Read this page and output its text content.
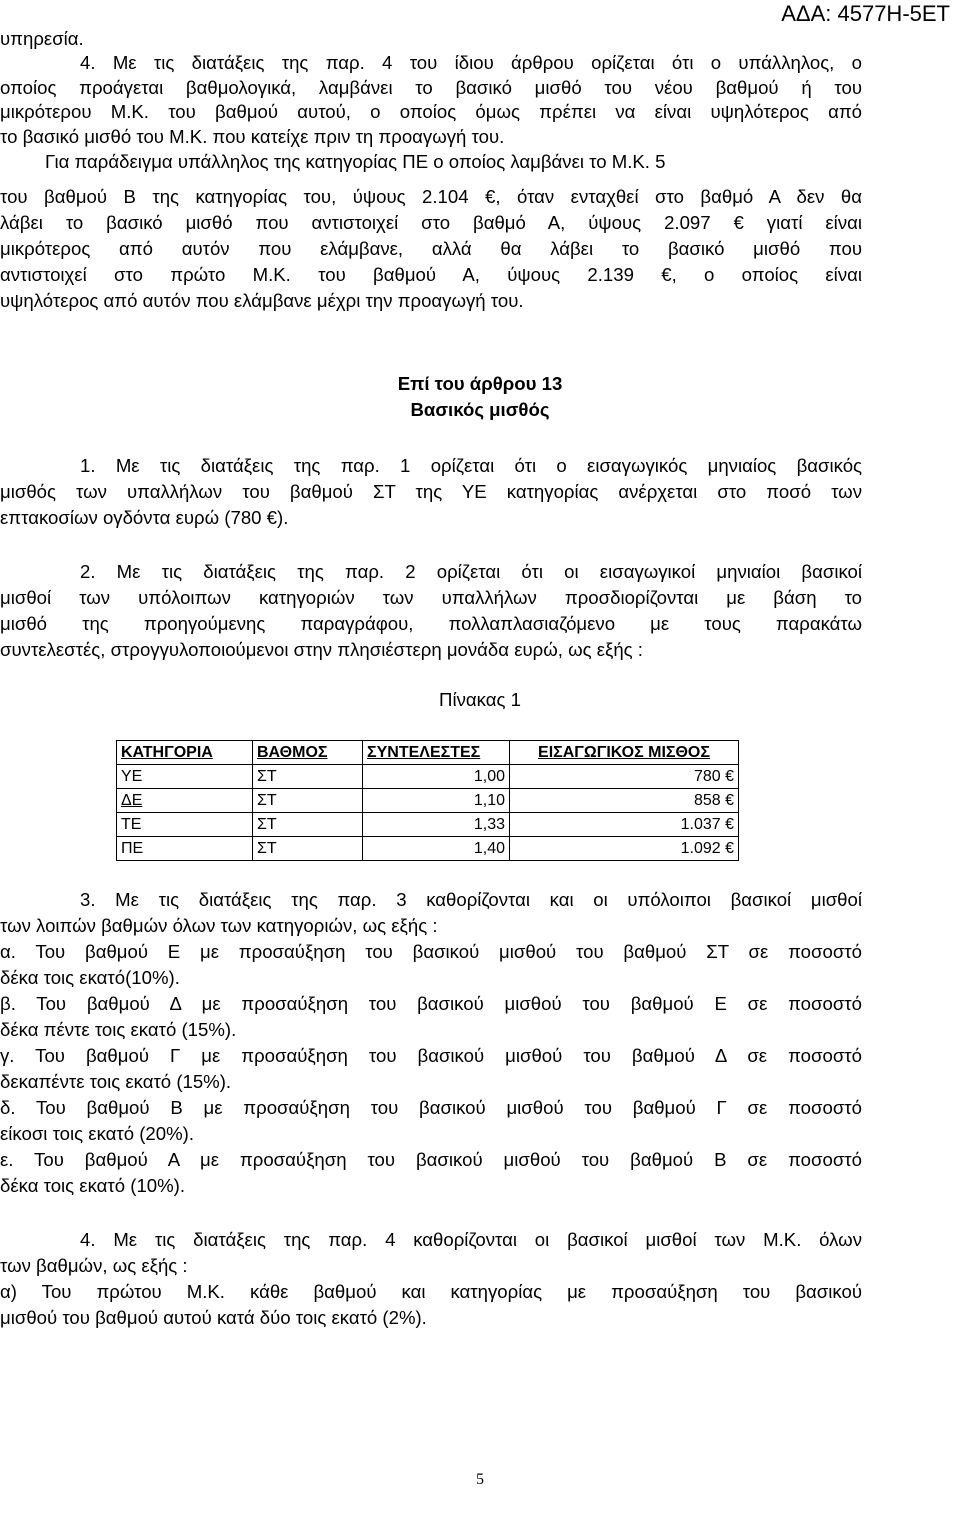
ΑΔΑ: 4577Η-5ΕΤ
υπηρεσία.
4. Με τις διατάξεις της παρ. 4 του ίδιου άρθρου ορίζεται ότι ο υπάλληλος, ο
οποίος προάγεται βαθμολογικά, λαμβάνει το βασικό μισθό του νέου βαθμού ή του
μικρότερου Μ.Κ. του βαθμού αυτού, ο οποίος όμως πρέπει να είναι υψηλότερος από
το βασικό μισθό του Μ.Κ. που κατείχε πριν τη προαγωγή του.
Για παράδειγμα υπάλληλος της κατηγορίας ΠΕ ο οποίος λαμβάνει το Μ.Κ. 5
του βαθμού Β της κατηγορίας του, ύψους 2.104 €, όταν ενταχθεί στο βαθμό Α δεν θα
λάβει το βασικό μισθό που αντιστοιχεί στο βαθμό Α, ύψους 2.097 € γιατί είναι
μικρότερος από αυτόν που ελάμβανε, αλλά θα λάβει το βασικό μισθό που
αντιστοιχεί στο πρώτο Μ.Κ. του βαθμού Α, ύψους 2.139 €, ο οποίος είναι
υψηλότερος από αυτόν που ελάμβανε μέχρι την προαγωγή του.
Επί του άρθρου 13
Βασικός μισθός
1. Με τις διατάξεις της παρ. 1 ορίζεται ότι ο εισαγωγικός μηνιαίος βασικός
μισθός των υπαλλήλων του βαθμού ΣΤ της ΥΕ κατηγορίας ανέρχεται στο ποσό των
επτακοσίων ογδόντα ευρώ (780 €).
2. Με τις διατάξεις της παρ. 2 ορίζεται ότι οι εισαγωγικοί μηνιαίοι βασικοί
μισθοί των υπόλοιπων κατηγοριών των υπαλλήλων προσδιορίζονται με βάση το
μισθό της προηγούμενης παραγράφου, πολλαπλασιαζόμενο με τους παρακάτω
συντελεστές, στρογγυλοποιούμενοι στην πλησιέστερη μονάδα ευρώ, ως εξής :
Πίνακας 1
ΚΑΤΗΓΟΡΙΑ	ΒΑΘΜΟΣ	ΣΥΝΤΕΛΕΣΤΕΣ	ΕΙΣΑΓΩΓΙΚΟΣ ΜΙΣΘΟΣ
ΥΕ	ΣΤ	1,00	780 €
ΔΕ	ΣΤ	1,10	858 €
ΤΕ	ΣΤ	1,33	1.037 €
ΠΕ	ΣΤ	1,40	1.092 €
3. Με τις διατάξεις της παρ. 3 καθορίζονται και οι υπόλοιποι βασικοί μισθοί
των λοιπών βαθμών όλων των κατηγοριών, ως εξής :
α. Του βαθμού Ε με προσαύξηση του βασικού μισθού του βαθμού ΣΤ σε ποσοστό
δέκα τοις εκατό(10%).
β. Του βαθμού Δ με προσαύξηση του βασικού μισθού του βαθμού Ε σε ποσοστό
δέκα πέντε τοις εκατό (15%).
γ. Του βαθμού Γ με προσαύξηση του βασικού μισθού του βαθμού Δ σε ποσοστό
δεκαπέντε τοις εκατό (15%).
δ. Του βαθμού Β με προσαύξηση του βασικού μισθού του βαθμού Γ σε ποσοστό
είκοσι τοις εκατό (20%).
ε. Του βαθμού Α με προσαύξηση του βασικού μισθού του βαθμού Β σε ποσοστό
δέκα τοις εκατό (10%).
4. Με τις διατάξεις της παρ. 4 καθορίζονται οι βασικοί μισθοί των Μ.Κ. όλων
των βαθμών, ως εξής :
α) Του πρώτου Μ.Κ. κάθε βαθμού και κατηγορίας με προσαύξηση του βασικού
μισθού του βαθμού αυτού κατά δύο τοις εκατό (2%).
5
